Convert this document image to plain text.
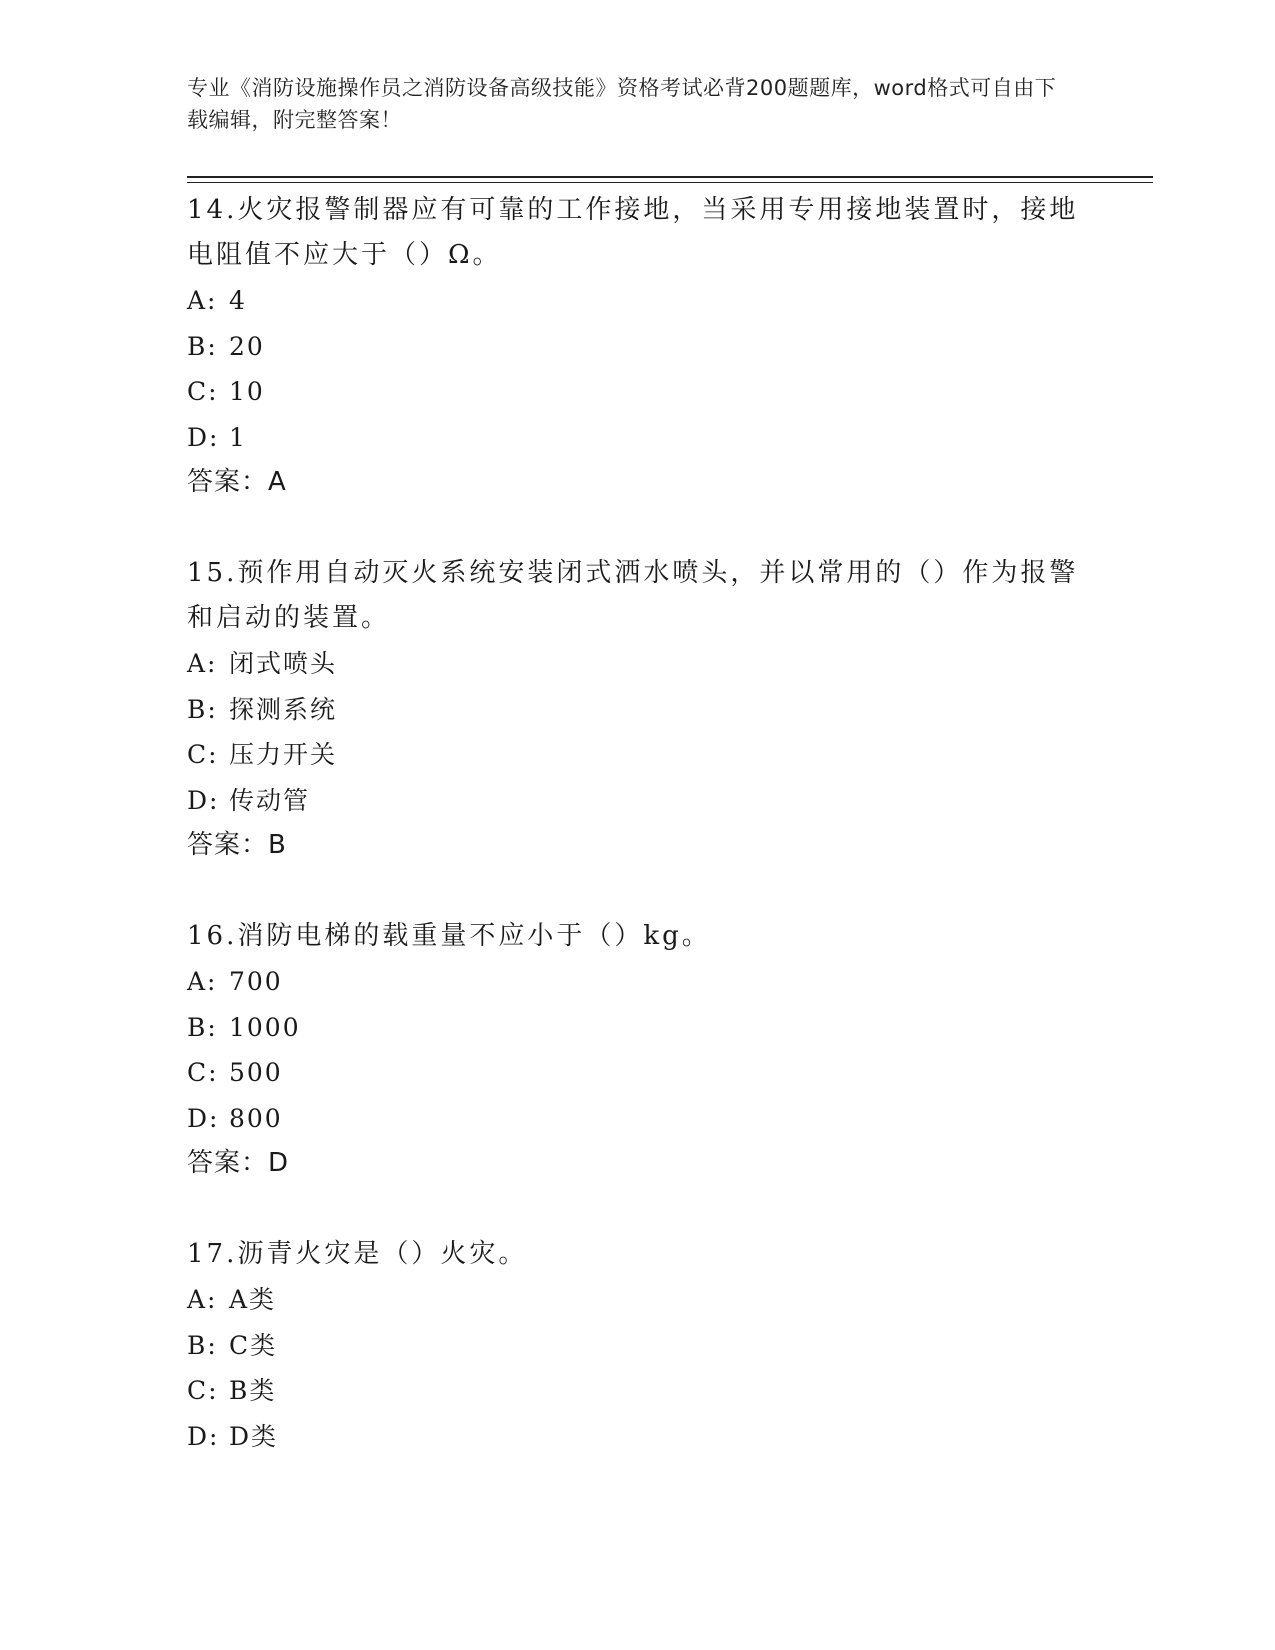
专业《消防设施操作员之消防设备高级技能》资格考试必背200题题库，word格式可自由下载编辑，附完整答案！

14.火灾报警制器应有可靠的工作接地，当采用专用接地装置时，接地电阻值不应大于（）Ω。

A: 4

B: 20

C: 10

D: 1

答案：A

15.预作用自动灭火系统安装闭式洒水喷头，并以常用的（）作为报警和启动的装置。

A: 闭式喷头

B: 探测系统

C: 压力开关

D: 传动管

答案：B

16.消防电梯的载重量不应小于（）kg。

A: 700

B: 1000

C: 500

D: 800

答案：D

17.沥青火灾是（）火灾。

A: A类

B: C类

C: B类

D: D类
